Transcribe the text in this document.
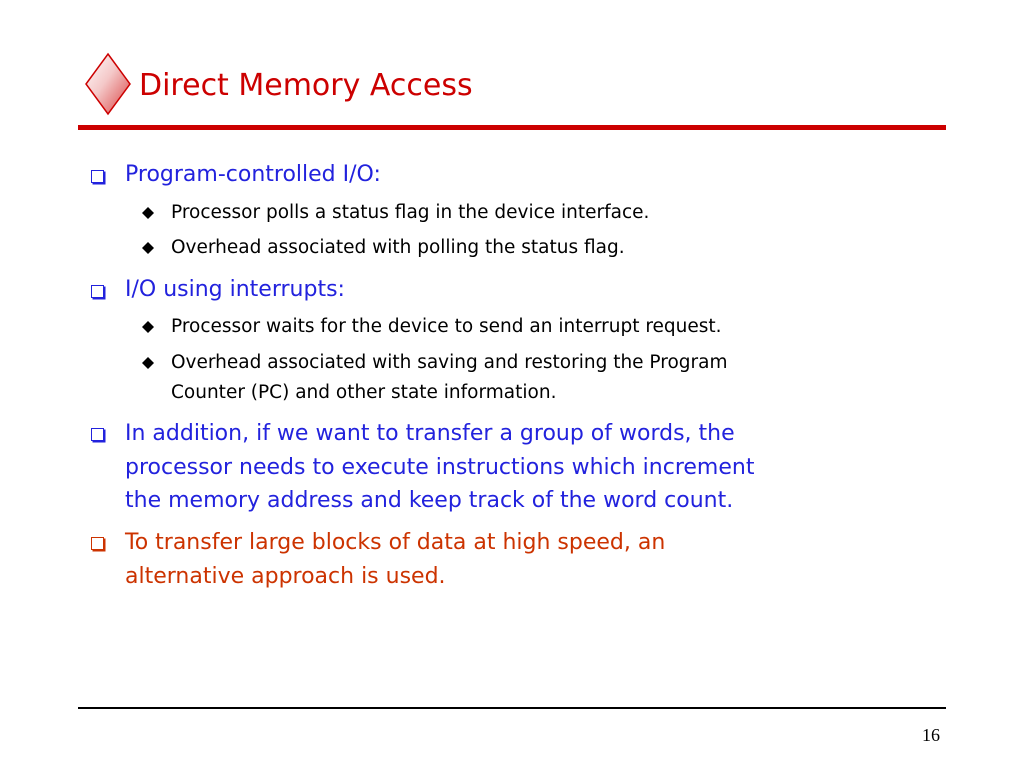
Direct Memory Access
Program-controlled I/O:
Processor polls a status flag in the device interface.
Overhead associated with polling the status flag.
I/O using interrupts:
Processor waits for the device to send an interrupt request.
Overhead associated with saving and restoring the Program
Counter (PC) and other state information.
In addition, if we want to transfer a group of words, the
processor needs to execute instructions which increment
the memory address and keep track of the word count.
To transfer large blocks of data at high speed, an
alternative approach is used.
16
